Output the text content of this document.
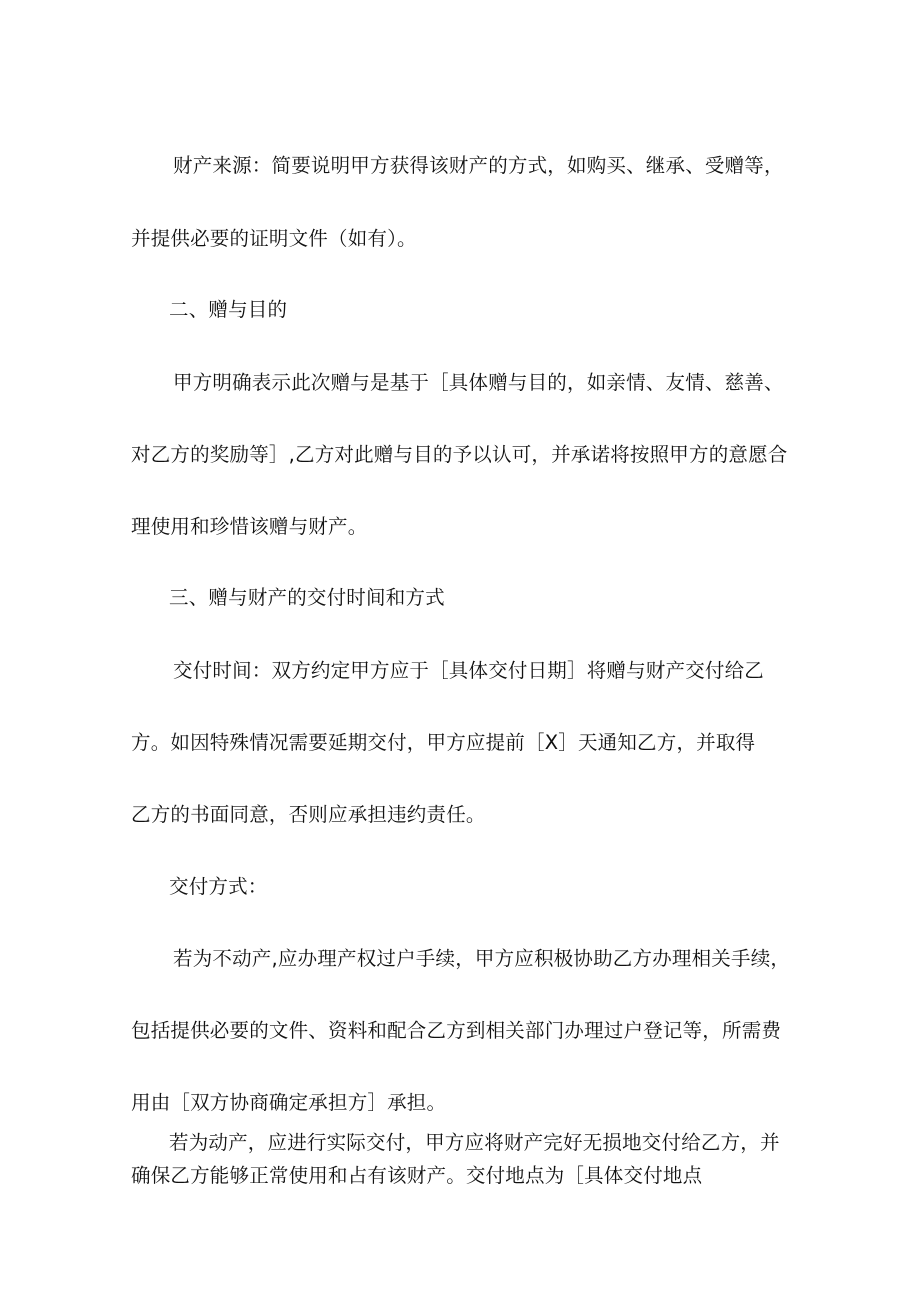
财产来源：简要说明甲方获得该财产的方式，如购买、继承、受赠等，
并提供必要的证明文件（如有）。
二、赠与目的
甲方明确表示此次赠与是基于［具体赠与目的，如亲情、友情、慈善、
对乙方的奖励等］,乙方对此赠与目的予以认可，并承诺将按照甲方的意愿合
理使用和珍惜该赠与财产。
三、赠与财产的交付时间和方式
交付时间：双方约定甲方应于［具体交付日期］将赠与财产交付给乙
方。如因特殊情况需要延期交付，甲方应提前［X］天通知乙方，并取得
乙方的书面同意，否则应承担违约责任。
交付方式：
若为不动产,应办理产权过户手续，甲方应积极协助乙方办理相关手续，
包括提供必要的文件、资料和配合乙方到相关部门办理过户登记等，所需费
用由［双方协商确定承担方］承担。
若为动产，应进行实际交付，甲方应将财产完好无损地交付给乙方，并
确保乙方能够正常使用和占有该财产。交付地点为［具体交付地点
